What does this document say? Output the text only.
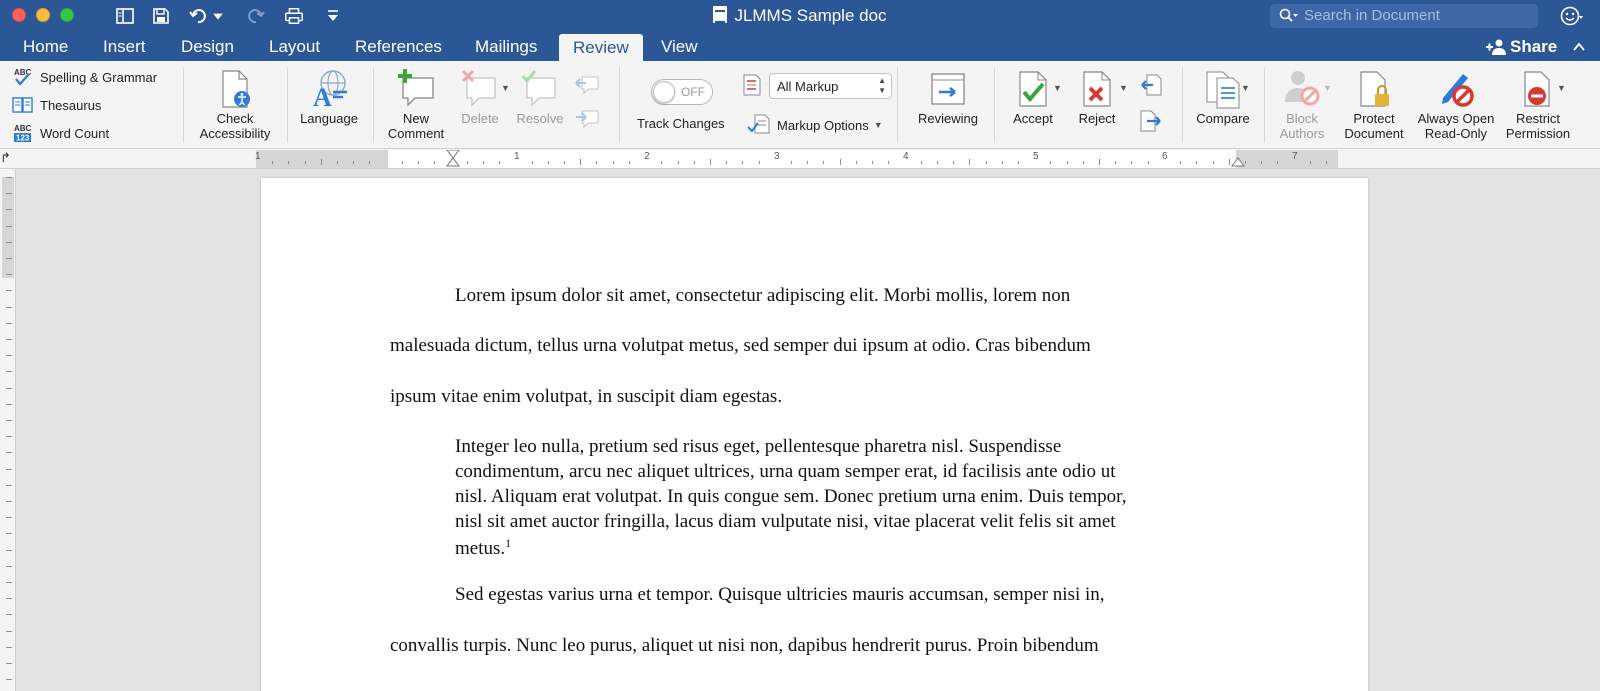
JLMMS Sample doc	Search in Document
Home	Insert	Design	Layout	References	Mailings	Review	View	Share
ABC Spelling & Grammar
Thesaurus
ABC
123 Word Count
Check
Accessibility
A
Language	New
Comment
Delete
▼
Resolve
OFF
Track Changes
All Markup	▲
▼
Markup Options ▼	Reviewing	Accept
▼
Reject
▼
Compare
▼
Block
Authors
▼
Protect
Document
Always Open
Read-Only
Restrict
Permission
▼
↱	1	1	2	3	4	5	6	7
Lorem ipsum dolor sit amet, consectetur adipiscing elit. Morbi mollis, lorem non
malesuada dictum, tellus urna volutpat metus, sed semper dui ipsum at odio. Cras bibendum
ipsum vitae enim volutpat, in suscipit diam egestas.
Integer leo nulla, pretium sed risus eget, pellentesque pharetra nisl. Suspendisse
condimentum, arcu nec aliquet ultrices, urna quam semper erat, id facilisis ante odio ut
nisl. Aliquam erat volutpat. In quis congue sem. Donec pretium urna enim. Duis tempor,
nisl sit amet auctor fringilla, lacus diam vulputate nisi, vitae placerat velit felis sit amet
metus.$^1$
Sed egestas varius urna et tempor. Quisque ultricies mauris accumsan, semper nisi in,
convallis turpis. Nunc leo purus, aliquet ut nisi non, dapibus hendrerit purus. Proin bibendum
